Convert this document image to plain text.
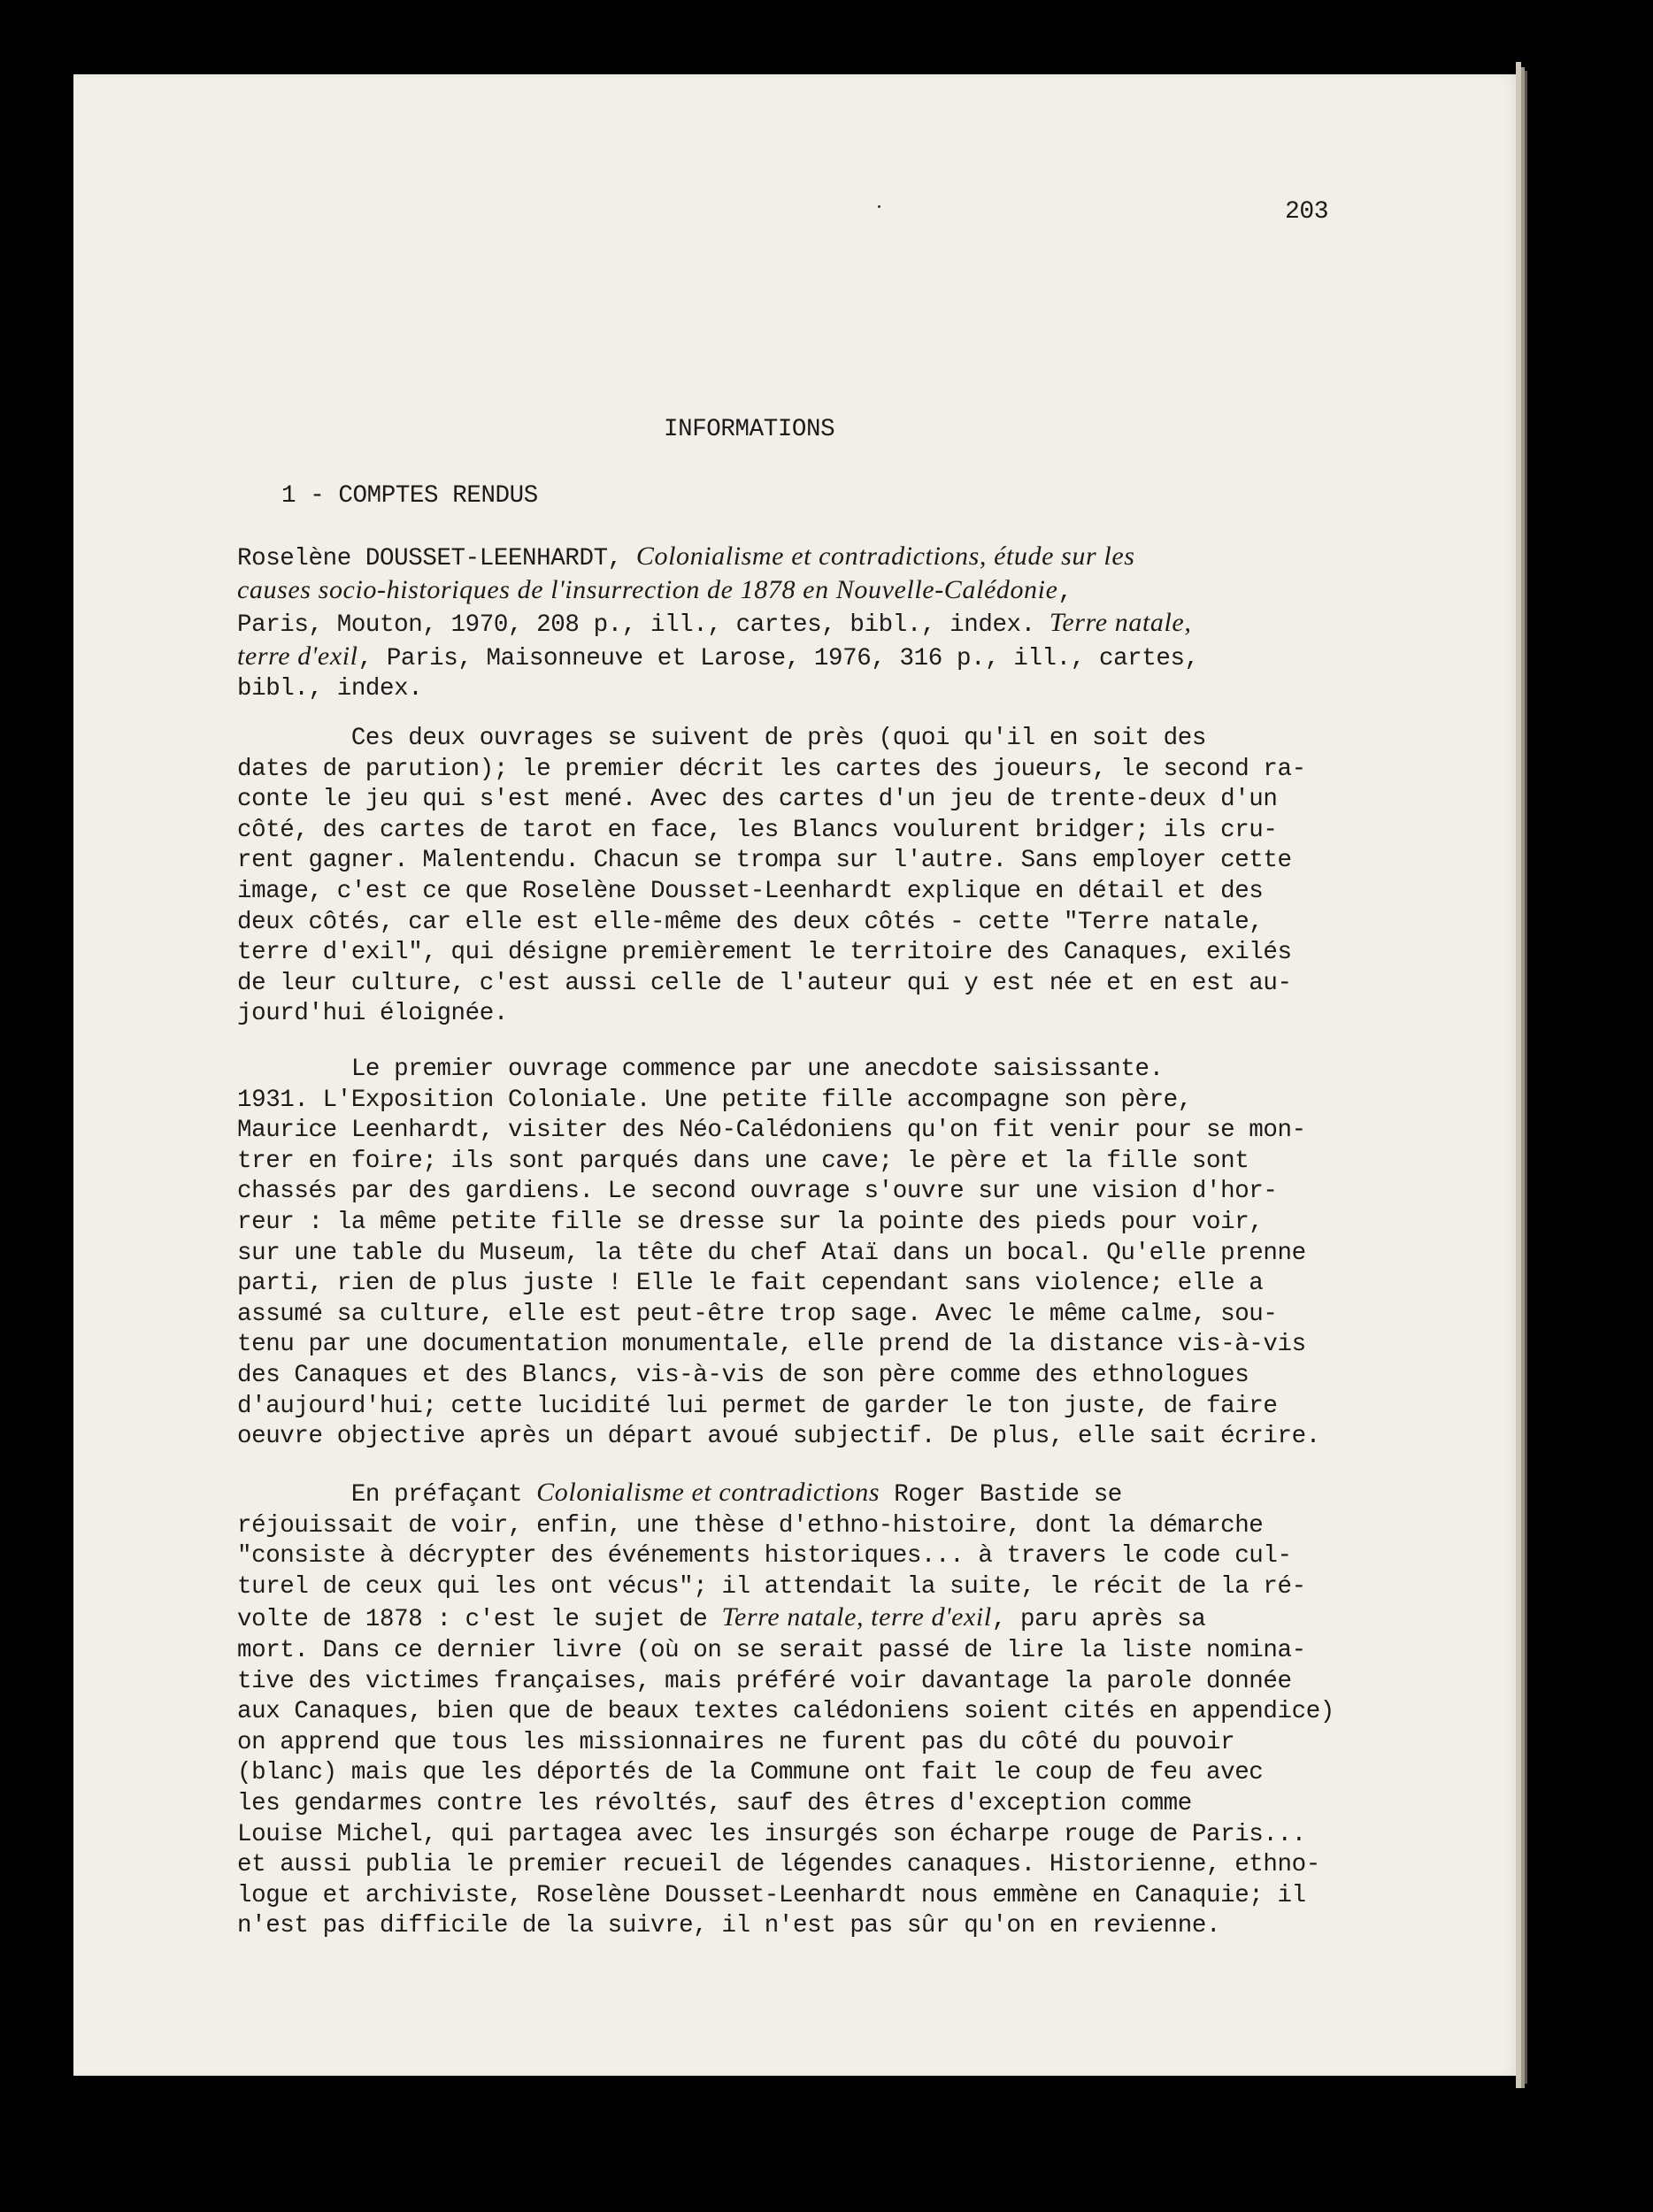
203
INFORMATIONS
1 - COMPTES RENDUS
Roselène DOUSSET-LEENHARDT, Colonialisme et contradictions, étude sur les
causes socio-historiques de l'insurrection de 1878 en Nouvelle-Calédonie,
Paris, Mouton, 1970, 208 p., ill., cartes, bibl., index. Terre natale,
terre d'exil, Paris, Maisonneuve et Larose, 1976, 316 p., ill., cartes,
bibl., index.
Ces deux ouvrages se suivent de près (quoi qu'il en soit des
dates de parution); le premier décrit les cartes des joueurs, le second ra-
conte le jeu qui s'est mené. Avec des cartes d'un jeu de trente-deux d'un
côté, des cartes de tarot en face, les Blancs voulurent bridger; ils cru-
rent gagner. Malentendu. Chacun se trompa sur l'autre. Sans employer cette
image, c'est ce que Roselène Dousset-Leenhardt explique en détail et des
deux côtés, car elle est elle-même des deux côtés - cette "Terre natale,
terre d'exil", qui désigne premièrement le territoire des Canaques, exilés
de leur culture, c'est aussi celle de l'auteur qui y est née et en est au-
jourd'hui éloignée.
Le premier ouvrage commence par une anecdote saisissante.
1931. L'Exposition Coloniale. Une petite fille accompagne son père,
Maurice Leenhardt, visiter des Néo-Calédoniens qu'on fit venir pour se mon-
trer en foire; ils sont parqués dans une cave; le père et la fille sont
chassés par des gardiens. Le second ouvrage s'ouvre sur une vision d'hor-
reur : la même petite fille se dresse sur la pointe des pieds pour voir,
sur une table du Museum, la tête du chef Ataï dans un bocal. Qu'elle prenne
parti, rien de plus juste ! Elle le fait cependant sans violence; elle a
assumé sa culture, elle est peut-être trop sage. Avec le même calme, sou-
tenu par une documentation monumentale, elle prend de la distance vis-à-vis
des Canaques et des Blancs, vis-à-vis de son père comme des ethnologues
d'aujourd'hui; cette lucidité lui permet de garder le ton juste, de faire
oeuvre objective après un départ avoué subjectif. De plus, elle sait écrire.
En préfaçant Colonialisme et contradictions Roger Bastide se
réjouissait de voir, enfin, une thèse d'ethno-histoire, dont la démarche
"consiste à décrypter des événements historiques... à travers le code cul-
turel de ceux qui les ont vécus"; il attendait la suite, le récit de la ré-
volte de 1878 : c'est le sujet de Terre natale, terre d'exil, paru après sa
mort. Dans ce dernier livre (où on se serait passé de lire la liste nomina-
tive des victimes françaises, mais préféré voir davantage la parole donnée
aux Canaques, bien que de beaux textes calédoniens soient cités en appendice)
on apprend que tous les missionnaires ne furent pas du côté du pouvoir
(blanc) mais que les déportés de la Commune ont fait le coup de feu avec
les gendarmes contre les révoltés, sauf des êtres d'exception comme
Louise Michel, qui partagea avec les insurgés son écharpe rouge de Paris...
et aussi publia le premier recueil de légendes canaques. Historienne, ethno-
logue et archiviste, Roselène Dousset-Leenhardt nous emmène en Canaquie; il
n'est pas difficile de la suivre, il n'est pas sûr qu'on en revienne.
